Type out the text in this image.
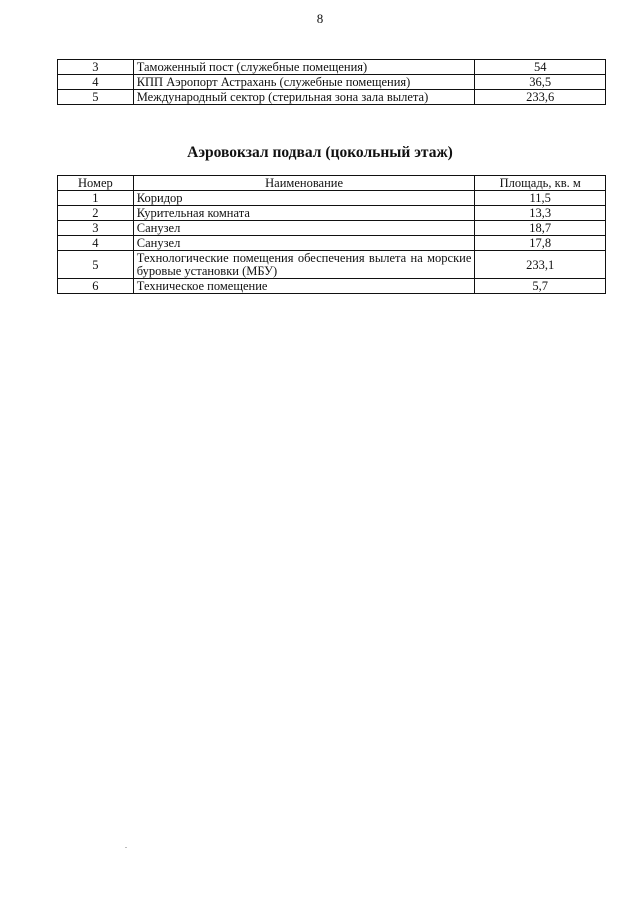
8
3	Таможенный пост (служебные помещения)	54
4	КПП Аэропорт Астрахань (служебные помещения)	36,5
5	Международный сектор (стерильная зона зала вылета)	233,6
Аэровокзал подвал (цокольный этаж)
Номер	Наименование	Площадь, кв. м
1	Коридор	11,5
2	Курительная комната	13,3
3	Санузел	18,7
4	Санузел	17,8
5	Технологические помещения обеспечения вылета на морские буровые установки (МБУ)	233,1
6	Техническое помещение	5,7
